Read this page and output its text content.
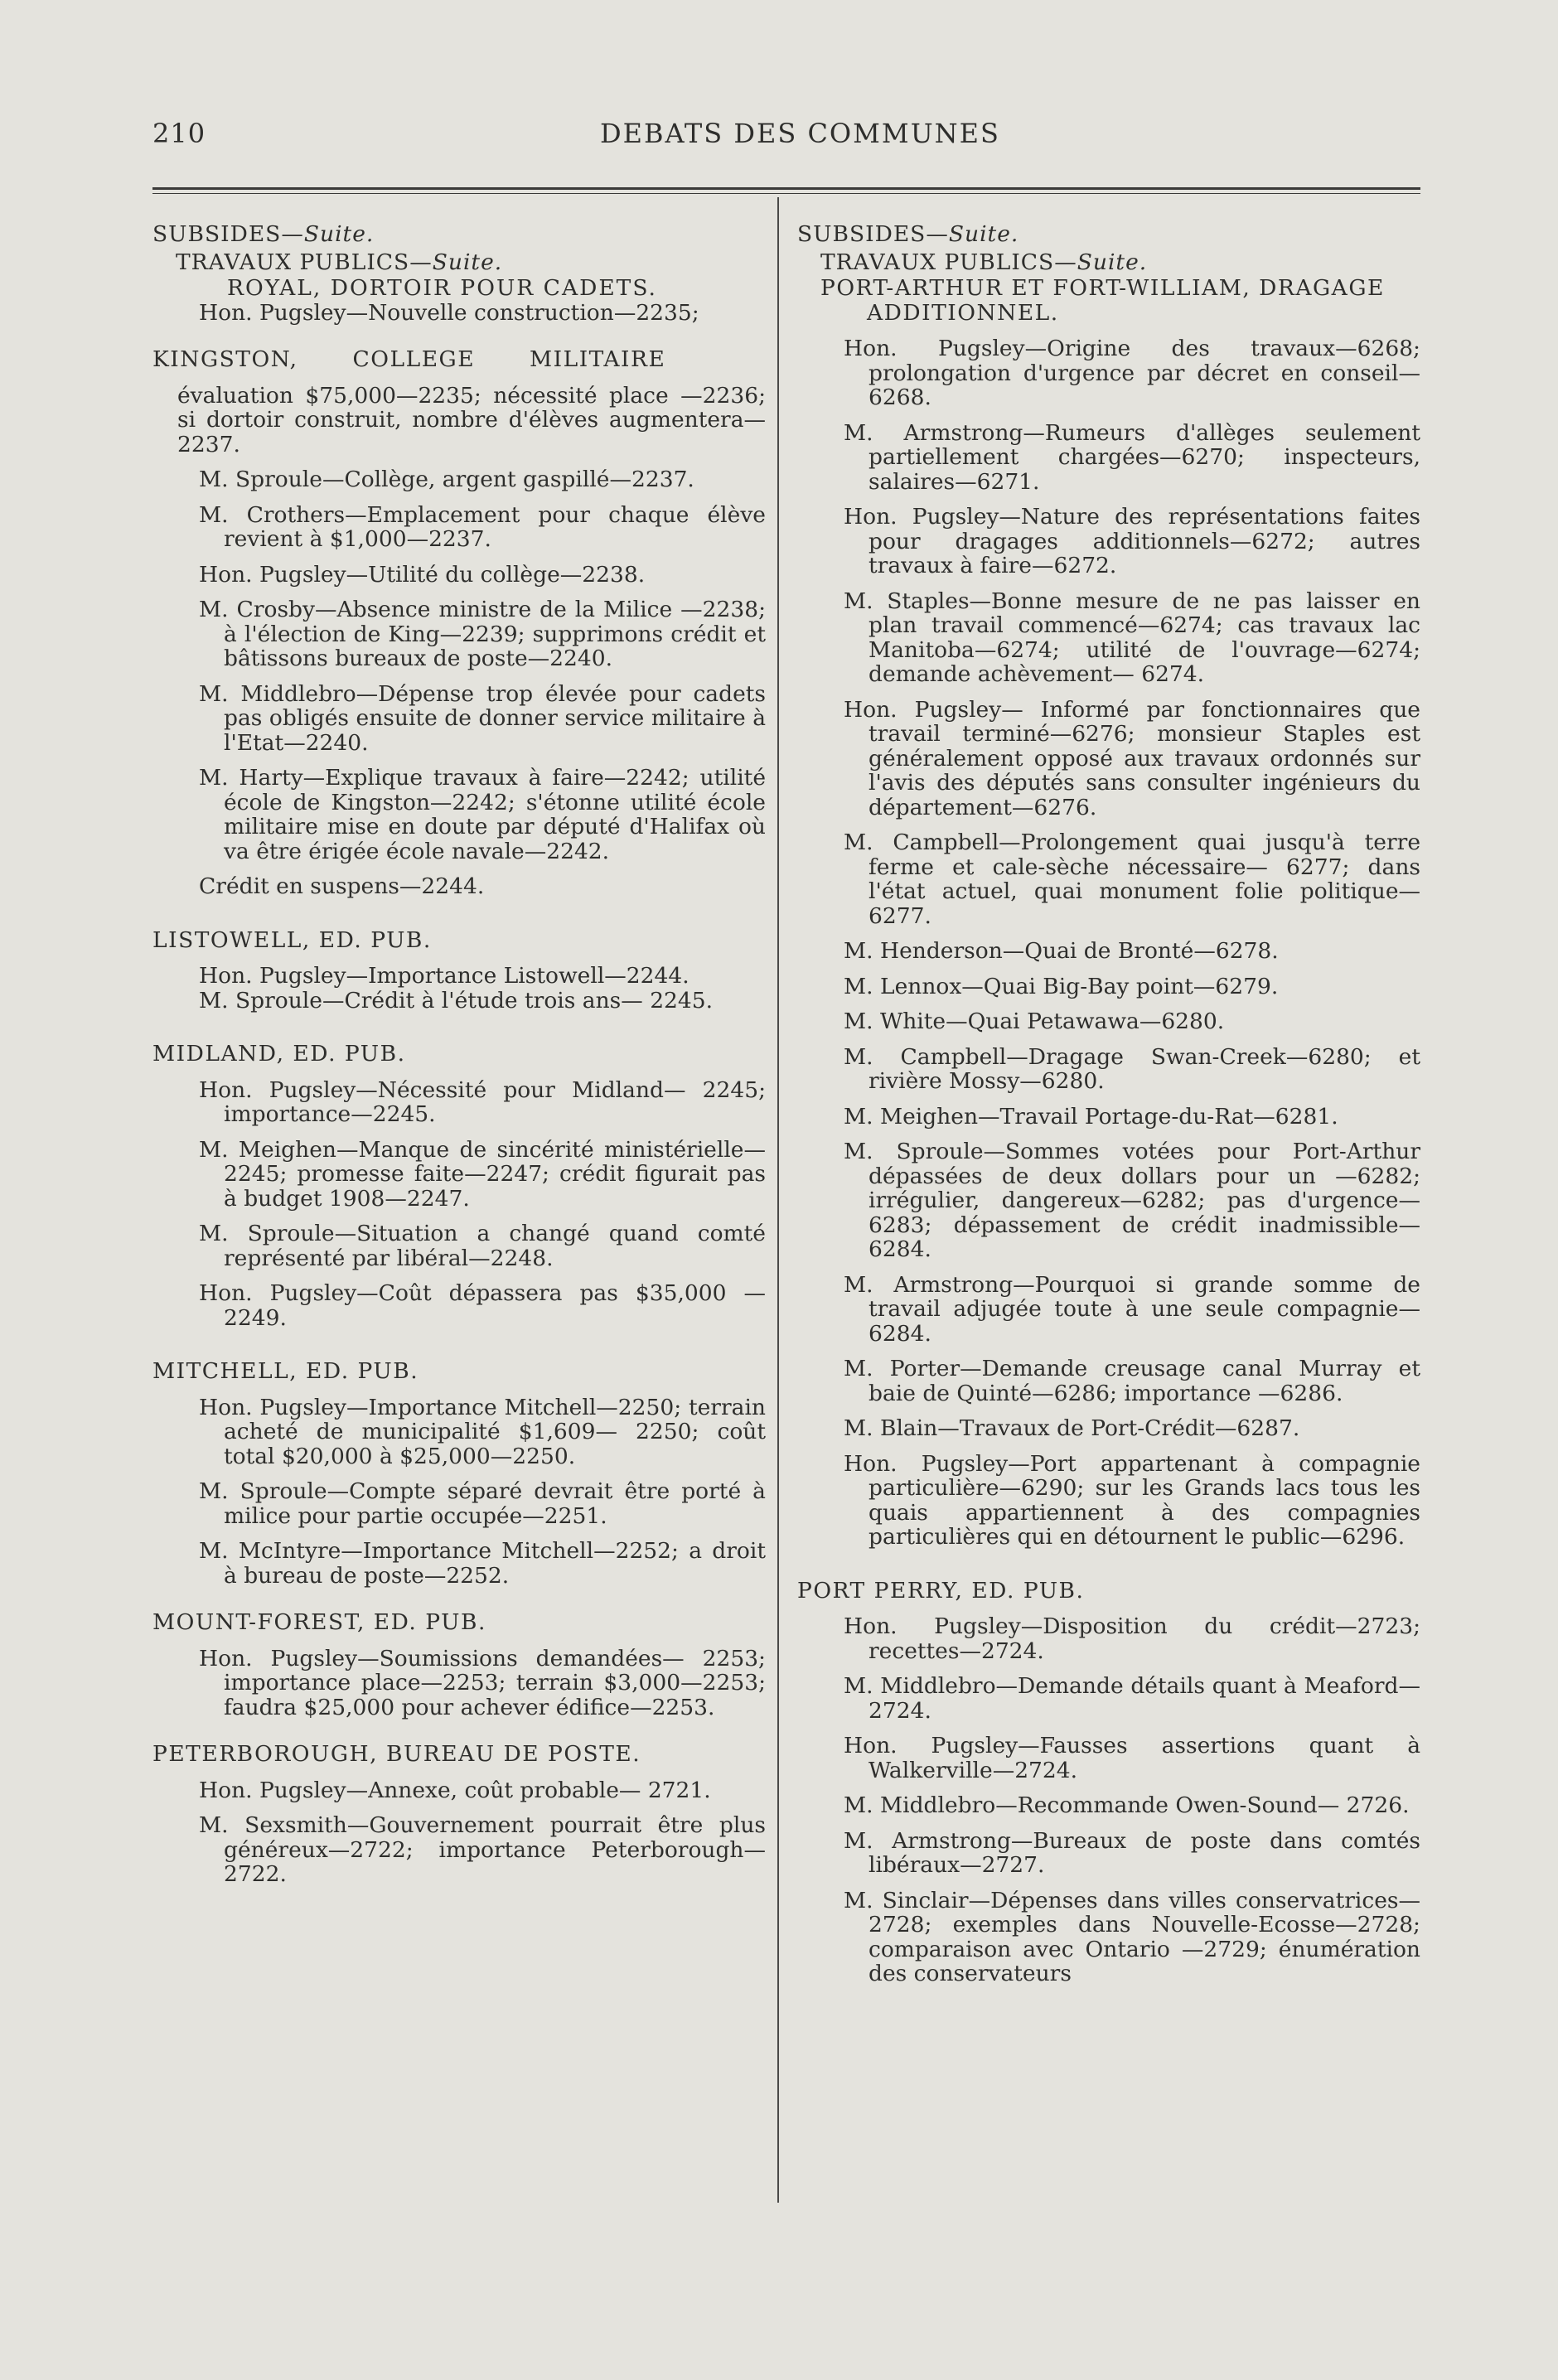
210	DEBATS DES COMMUNES

SUBSIDES—Suite.

TRAVAUX PUBLICS—Suite.

ROYAL, DORTOIR POUR CADETS.

Hon. Pugsley—Nouvelle construction—2235;

KINGSTON, COLLEGE MILITAIRE

évaluation $75,000—2235; nécessité place —2236; si dortoir construit, nombre d'élèves augmentera—2237.

M. Sproule—Collège, argent gaspillé—2237.

M. Crothers—Emplacement pour chaque élève revient à $1,000—2237.

Hon. Pugsley—Utilité du collège—2238.

M. Crosby—Absence ministre de la Milice —2238; à l'élection de King—2239; supprimons crédit et bâtissons bureaux de poste—2240.

M. Middlebro—Dépense trop élevée pour cadets pas obligés ensuite de donner service militaire à l'Etat—2240.

M. Harty—Explique travaux à faire—2242; utilité école de Kingston—2242; s'étonne utilité école militaire mise en doute par député d'Halifax où va être érigée école navale—2242.

Crédit en suspens—2244.

LISTOWELL, ED. PUB.

Hon. Pugsley—Importance Listowell—2244.

M. Sproule—Crédit à l'étude trois ans— 2245.

MIDLAND, ED. PUB.

Hon. Pugsley—Nécessité pour Midland— 2245; importance—2245.

M. Meighen—Manque de sincérité ministérielle—2245; promesse faite—2247; crédit figurait pas à budget 1908—2247.

M. Sproule—Situation a changé quand comté représenté par libéral—2248.

Hon. Pugsley—Coût dépassera pas $35,000 —2249.

MITCHELL, ED. PUB.

Hon. Pugsley—Importance Mitchell—2250; terrain acheté de municipalité $1,609— 2250; coût total $20,000 à $25,000—2250.

M. Sproule—Compte séparé devrait être porté à milice pour partie occupée—2251.

M. McIntyre—Importance Mitchell—2252; a droit à bureau de poste—2252.

MOUNT-FOREST, ED. PUB.

Hon. Pugsley—Soumissions demandées— 2253; importance place—2253; terrain $3,000—2253; faudra $25,000 pour achever édifice—2253.

PETERBOROUGH, BUREAU DE POSTE.

Hon. Pugsley—Annexe, coût probable— 2721.

M. Sexsmith—Gouvernement pourrait être plus généreux—2722; importance Peterborough—2722.

SUBSIDES—Suite.

TRAVAUX PUBLICS—Suite.

PORT-ARTHUR ET FORT-WILLIAM, DRAGAGE ADDITIONNEL.

Hon. Pugsley—Origine des travaux—6268; prolongation d'urgence par décret en conseil—6268.

M. Armstrong—Rumeurs d'allèges seulement partiellement chargées—6270; inspecteurs, salaires—6271.

Hon. Pugsley—Nature des représentations faites pour dragages additionnels—6272; autres travaux à faire—6272.

M. Staples—Bonne mesure de ne pas laisser en plan travail commencé—6274; cas travaux lac Manitoba—6274; utilité de l'ouvrage—6274; demande achèvement— 6274.

Hon. Pugsley— Informé par fonctionnaires que travail terminé—6276; monsieur Staples est généralement opposé aux travaux ordonnés sur l'avis des députés sans consulter ingénieurs du département—6276.

M. Campbell—Prolongement quai jusqu'à terre ferme et cale-sèche nécessaire— 6277; dans l'état actuel, quai monument folie politique—6277.

M. Henderson—Quai de Bronté—6278.

M. Lennox—Quai Big-Bay point—6279.

M. White—Quai Petawawa—6280.

M. Campbell—Dragage Swan-Creek—6280; et rivière Mossy—6280.

M. Meighen—Travail Portage-du-Rat—6281.

M. Sproule—Sommes votées pour Port-Arthur dépassées de deux dollars pour un —6282; irrégulier, dangereux—6282; pas d'urgence—6283; dépassement de crédit inadmissible—6284.

M. Armstrong—Pourquoi si grande somme de travail adjugée toute à une seule compagnie—6284.

M. Porter—Demande creusage canal Murray et baie de Quinté—6286; importance —6286.

M. Blain—Travaux de Port-Crédit—6287.

Hon. Pugsley—Port appartenant à compagnie particulière—6290; sur les Grands lacs tous les quais appartiennent à des compagnies particulières qui en détournent le public—6296.

PORT PERRY, ED. PUB.

Hon. Pugsley—Disposition du crédit—2723; recettes—2724.

M. Middlebro—Demande détails quant à Meaford—2724.

Hon. Pugsley—Fausses assertions quant à Walkerville—2724.

M. Middlebro—Recommande Owen-Sound— 2726.

M. Armstrong—Bureaux de poste dans comtés libéraux—2727.

M. Sinclair—Dépenses dans villes conservatrices—2728; exemples dans Nouvelle-Ecosse—2728; comparaison avec Ontario —2729; énumération des conservateurs
